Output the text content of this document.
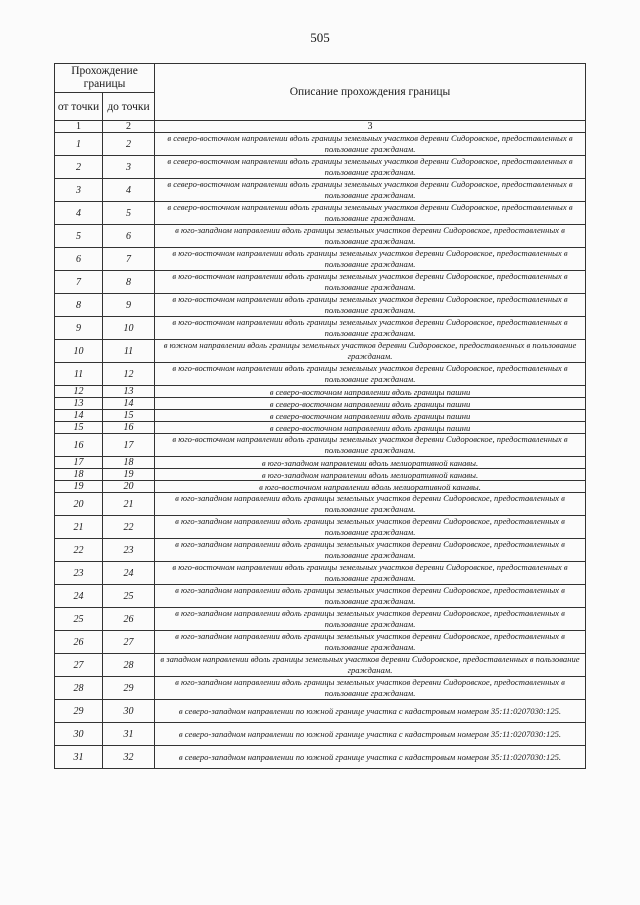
505
Прохождение границы		Описание прохождения границы
от точки	до точки	
1	2	3
1	2	в северо-восточном направлении вдоль границы земельных участков деревни Сидоровское, предоставленных в пользование гражданам.
2	3	в северо-восточном направлении вдоль границы земельных участков деревни Сидоровское, предоставленных в пользование гражданам.
3	4	в северо-восточном направлении вдоль границы земельных участков деревни Сидоровское, предоставленных в пользование гражданам.
4	5	в северо-восточном направлении вдоль границы земельных участков деревни Сидоровское, предоставленных в пользование гражданам.
5	6	в юго-западном направлении вдоль границы земельных участков деревни Сидоровское, предоставленных в пользование гражданам.
6	7	в юго-восточном направлении вдоль границы земельных участков деревни Сидоровское, предоставленных в пользование гражданам.
7	8	в юго-восточном направлении вдоль границы земельных участков деревни Сидоровское, предоставленных в пользование гражданам.
8	9	в юго-восточном направлении вдоль границы земельных участков деревни Сидоровское, предоставленных в пользование гражданам.
9	10	в юго-восточном направлении вдоль границы земельных участков деревни Сидоровское, предоставленных в пользование гражданам.
10	11	в южном направлении вдоль границы земельных участков деревни Сидоровское, предоставленных в пользование гражданам.
11	12	в юго-восточном направлении вдоль границы земельных участков деревни Сидоровское, предоставленных в пользование гражданам.
12	13	в северо-восточном направлении вдоль границы пашни
13	14	в северо-восточном направлении вдоль границы пашни
14	15	в северо-восточном направлении вдоль границы пашни
15	16	в северо-восточном направлении вдоль границы пашни
16	17	в юго-восточном направлении вдоль границы земельных участков деревни Сидоровское, предоставленных в пользование гражданам.
17	18	в юго-западном направлении вдоль мелиоративной канавы.
18	19	в юго-западном направлении вдоль мелиоративной канавы.
19	20	в юго-восточном направлении вдоль мелиоративной канавы.
20	21	в юго-западном направлении вдоль границы земельных участков деревни Сидоровское, предоставленных в пользование гражданам.
21	22	в юго-западном направлении вдоль границы земельных участков деревни Сидоровское, предоставленных в пользование гражданам.
22	23	в юго-западном направлении вдоль границы земельных участков деревни Сидоровское, предоставленных в пользование гражданам.
23	24	в юго-восточном направлении вдоль границы земельных участков деревни Сидоровское, предоставленных в пользование гражданам.
24	25	в юго-западном направлении вдоль границы земельных участков деревни Сидоровское, предоставленных в пользование гражданам.
25	26	в юго-западном направлении вдоль границы земельных участков деревни Сидоровское, предоставленных в пользование гражданам.
26	27	в юго-западном направлении вдоль границы земельных участков деревни Сидоровское, предоставленных в пользование гражданам.
27	28	в западном направлении вдоль границы земельных участков деревни Сидоровское, предоставленных в пользование гражданам.
28	29	в юго-западном направлении вдоль границы земельных участков деревни Сидоровское, предоставленных в пользование гражданам.
29	30	в северо-западном направлении по южной границе участка с кадастровым номером 35:11:0207030:125.
30	31	в северо-западном направлении по южной границе участка с кадастровым номером 35:11:0207030:125.
31	32	в северо-западном направлении по южной границе участка с кадастровым номером 35:11:0207030:125.
